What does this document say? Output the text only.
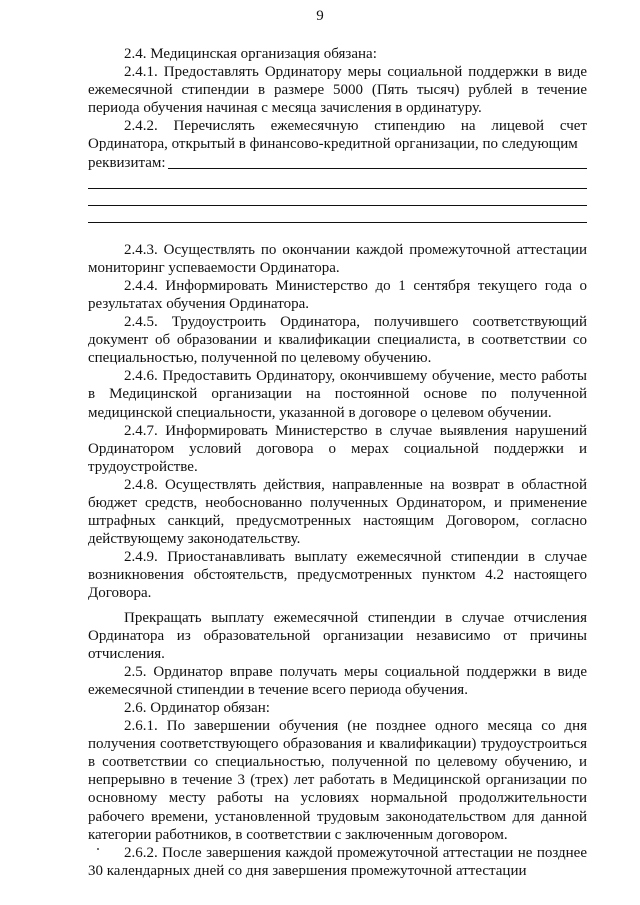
9

2.4. Медицинская организация обязана:

2.4.1. Предоставлять Ординатору меры социальной поддержки в виде ежемесячной стипендии в размере 5000 (Пять тысяч) рублей в течение периода обучения начиная с месяца зачисления в ординатуру.

2.4.2. Перечислять ежемесячную стипендию на лицевой счет Ординатора, открытый в финансово-кредитной организации, по следующим

реквизитам:

2.4.3. Осуществлять по окончании каждой промежуточной аттестации мониторинг успеваемости Ординатора.

2.4.4. Информировать Министерство до 1 сентября текущего года о результатах обучения Ординатора.

2.4.5. Трудоустроить Ординатора, получившего соответствующий документ об образовании и квалификации специалиста, в соответствии со специальностью, полученной по целевому обучению.

2.4.6. Предоставить Ординатору, окончившему обучение, место работы в Медицинской организации на постоянной основе по полученной медицинской специальности, указанной в договоре о целевом обучении.

2.4.7. Информировать Министерство в случае выявления нарушений Ординатором условий договора о мерах социальной поддержки и трудоустройстве.

2.4.8. Осуществлять действия, направленные на возврат в областной бюджет средств, необоснованно полученных Ординатором, и применение штрафных санкций, предусмотренных настоящим Договором, согласно действующему законодательству.

2.4.9. Приостанавливать выплату ежемесячной стипендии в случае возникновения обстоятельств, предусмотренных пунктом 4.2 настоящего Договора.

Прекращать выплату ежемесячной стипендии в случае отчисления Ординатора из образовательной организации независимо от причины отчисления.

2.5. Ординатор вправе получать меры социальной поддержки в виде ежемесячной стипендии в течение всего периода обучения.

2.6. Ординатор обязан:

2.6.1. По завершении обучения (не позднее одного месяца со дня получения соответствующего образования и квалификации) трудоустроиться в соответствии со специальностью, полученной по целевому обучению, и непрерывно в течение 3 (трех) лет работать в Медицинской организации по основному месту работы на условиях нормальной продолжительности рабочего времени, установленной трудовым законодательством для данной категории работников, в соответствии с заключенным договором.

2.6.2. После завершения каждой промежуточной аттестации не позднее 30 календарных дней со дня завершения промежуточной аттестации
